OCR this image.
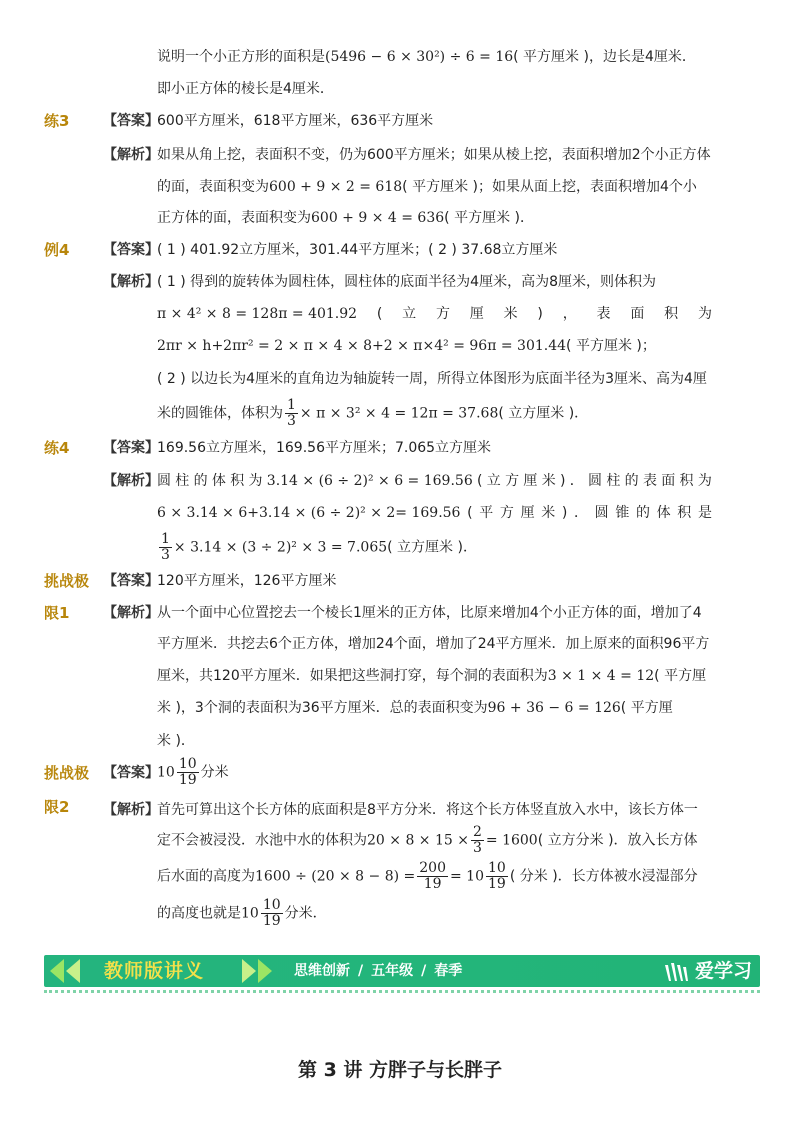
说明一个小正方形的面积是(5496 − 6 × 30²) ÷ 6 = 16( 平方厘米 )，边长是4厘米．
即小正方体的棱长是4厘米．
练3 【答案】
600平方厘米，618平方厘米，636平方厘米
【解析】
如果从角上挖，表面积不变，仍为600平方厘米；如果从棱上挖，表面积增加2个小正方体
的面，表面积变为600 + 9 × 2 = 618( 平方厘米 )；如果从面上挖，表面积增加4个小
正方体的面，表面积变为600 + 9 × 4 = 636( 平方厘米 )．
例4 【答案】
( 1 ) 401.92立方厘米，301.44平方厘米；( 2 ) 37.68立方厘米
【解析】
( 1 ) 得到的旋转体为圆柱体，圆柱体的底面半径为4厘米，高为8厘米，则体积为
π × 4² × 8 = 128π = 401.92 ( 立 方 厘 米 ) ， 表 面 积 为
2πr × h+2πr² = 2 × π × 4 × 8+2 × π×4² = 96π = 301.44( 平方厘米 )；
( 2 ) 以边长为4厘米的直角边为轴旋转一周，所得立体图形为底面半径为3厘米、高为4厘
米的圆锥体，体积为 $\frac{1}{3} \times \pi \times 3^2 \times 4 = 12\pi = 37.68$( 立方厘米 )．
练4 【答案】
169.56立方厘米，169.56平方厘米；7.065立方厘米
【解析】
圆 柱 的 体 积 为 3.14 × (6 ÷ 2)² × 6 = 169.56 ( 立 方 厘 米 ) ． 圆 柱 的 表 面 积 为
6 × 3.14 × 6+3.14 × (6 ÷ 2)² × 2= 169.56 ( 平 方 厘 米 ) ． 圆 锥 的 体 积 是
$\frac{1}{3} \times 3.14 \times (3 \div 2)^2 \times 3 = 7.065$( 立方厘米 )．
挑战极 【答案】
120平方厘米，126平方厘米
限1 【解析】
从一个面中心位置挖去一个棱长1厘米的正方体，比原来增加4个小正方体的面，增加了4
平方厘米．共挖去6个正方体，增加24个面，增加了24平方厘米．加上原来的面积96平方
厘米，共120平方厘米．如果把这些洞打穿，每个洞的表面积为3 × 1 × 4 = 12( 平方厘
米 )，3个洞的表面积为36平方厘米．总的表面积变为96 + 36 − 6 = 126( 平方厘
米 )．
挑战极 【答案】
$10 \frac{10}{19}$ 分米
限2 【解析】
首先可算出这个长方体的底面积是8平方分米．将这个长方体竖直放入水中，该长方体一
定不会被浸没．水池中水的体积为$20 \times 8 \times 15 \times \frac{2}{3} = 1600$( 立方分米 )．放入长方体
后水面的高度为$1600 \div (20 \times 8 - 8) = \frac{200}{19} = 10 \frac{10}{19}$ ( 分米 )．长方体被水浸湿部分
的高度也就是$10 \frac{10}{19}$ 分米．
教师版讲义	思维创新 / 五年级 / 春季	爱学习
第 3 讲 方胖子与长胖子
